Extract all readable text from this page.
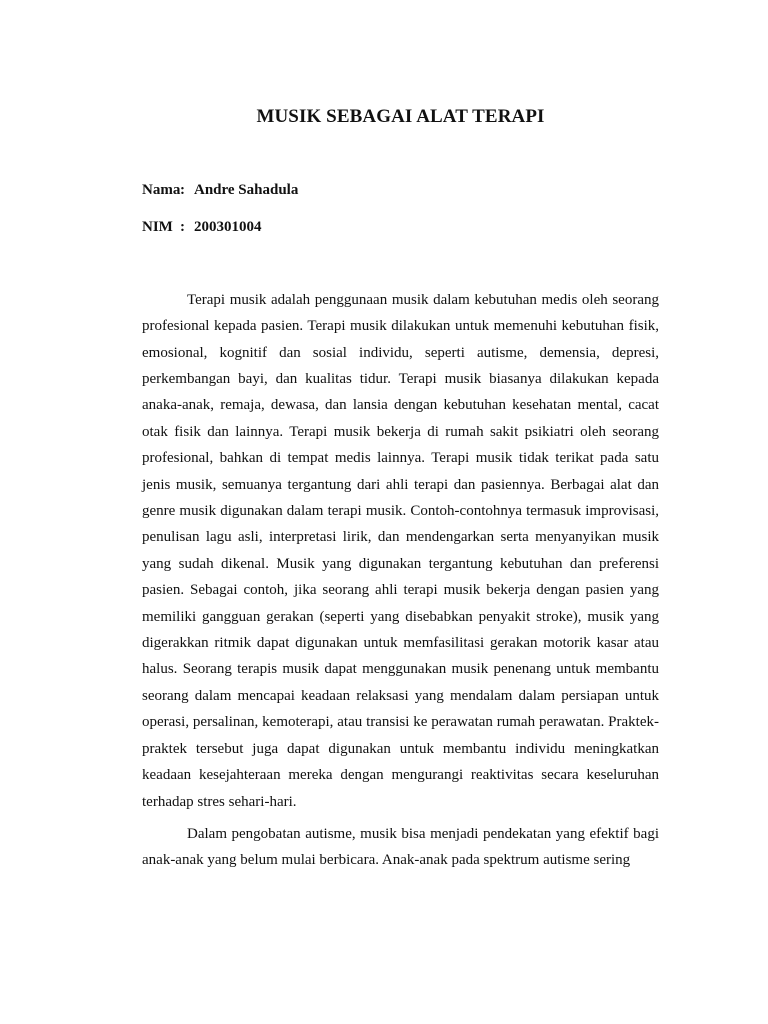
MUSIK SEBAGAI ALAT TERAPI
Nama : Andre Sahadula
NIM : 200301004

Terapi musik adalah penggunaan musik dalam kebutuhan medis oleh seorang profesional kepada pasien. Terapi musik dilakukan untuk memenuhi kebutuhan fisik, emosional, kognitif dan sosial individu, seperti autisme, demensia, depresi, perkembangan bayi, dan kualitas tidur. Terapi musik biasanya dilakukan kepada anaka-anak, remaja, dewasa, dan lansia dengan kebutuhan kesehatan mental, cacat otak fisik dan lainnya. Terapi musik bekerja di rumah sakit psikiatri oleh seorang profesional, bahkan di tempat medis lainnya. Terapi musik tidak terikat pada satu jenis musik, semuanya tergantung dari ahli terapi dan pasiennya. Berbagai alat dan genre musik digunakan dalam terapi musik. Contoh-contohnya termasuk improvisasi, penulisan lagu asli, interpretasi lirik, dan mendengarkan serta menyanyikan musik yang sudah dikenal. Musik yang digunakan tergantung kebutuhan dan preferensi pasien. Sebagai contoh, jika seorang ahli terapi musik bekerja dengan pasien yang memiliki gangguan gerakan (seperti yang disebabkan penyakit stroke), musik yang digerakkan ritmik dapat digunakan untuk memfasilitasi gerakan motorik kasar atau halus. Seorang terapis musik dapat menggunakan musik penenang untuk membantu seorang dalam mencapai keadaan relaksasi yang mendalam dalam persiapan untuk operasi, persalinan, kemoterapi, atau transisi ke perawatan rumah perawatan. Praktek-praktek tersebut juga dapat digunakan untuk membantu individu meningkatkan keadaan kesejahteraan mereka dengan mengurangi reaktivitas secara keseluruhan terhadap stres sehari-hari.

Dalam pengobatan autisme, musik bisa menjadi pendekatan yang efektif bagi anak-anak yang belum mulai berbicara. Anak-anak pada spektrum autisme sering
